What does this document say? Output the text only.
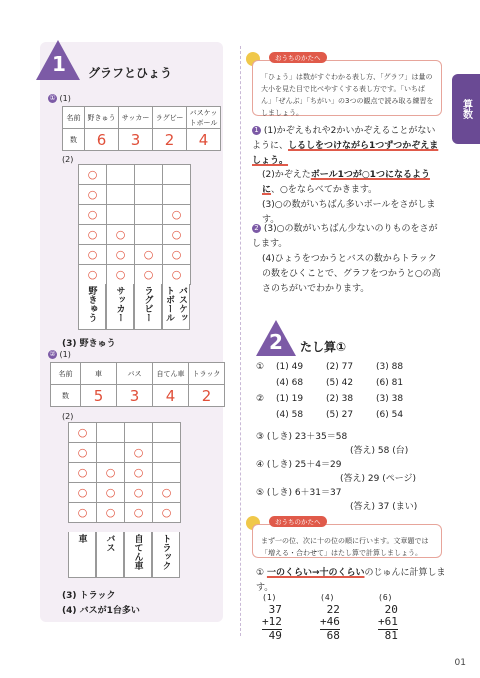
1	グラフとひょう
① (1)
名前	野きゅう	サッカー	ラグビー	バスケットボール
数	6	3	2	4
(2)
○			
○			
○			○
○	○		○
○	○	○	○
○	○	○	○
野きゅう	サッカー	ラグビー	バスケットボール
(3) 野きゅう
② (1)
名前	車	バス	自てん車	トラック
数	5	3	4	2
(2)
○			
○		○	
○	○	○	
○	○	○	○
○	○	○	○
車	バス	自てん車	トラック
(3) トラック
(4) バスが1台多い
おうちのかたへ
「ひょう」は数がすぐわかる表し方、「グラフ」は量の大小を見た目で比べやすくする表し方です。「いちばん」「ぜんぶ」「ちがい」の3つの観点で読み取る練習をしましょう。
1 (1)かぞえもれや2かいかぞえることがないように、しるしをつけながら1つずつかぞえましょう。
(2)かぞえたボール1つが○1つになるように、○をならべてかきます。
(3)○の数がいちばん多いボールをさがします。
2 (3)○の数がいちばん少ないのりものをさがします。
(4)ひょうをつかうとバスの数からトラックの数をひくことで、グラフをつかうと○の高さのちがいでわかります。
2	たし算①
①	(1) 49	(2) 77	(3) 88
(4) 68	(5) 42	(6) 81
②	(1) 19	(2) 38	(3) 38
(4) 58	(5) 27	(6) 54
③ (しき) 23＋35＝58
(答え) 58 (台)
④ (しき) 25＋4＝29
(答え) 29 (ページ)
⑤ (しき) 6＋31＝37
(答え) 37 (まい)
おうちのかたへ
まず一の位、次に十の位の順に行います。文章題では「増える・合わせて」はたし算で計算しましょう。
① 一のくらい→十のくらいのじゅんに計算します。
(1)
37
+12
49
(4)
22
+46
68
(6)
20
+61
81
算数
01
